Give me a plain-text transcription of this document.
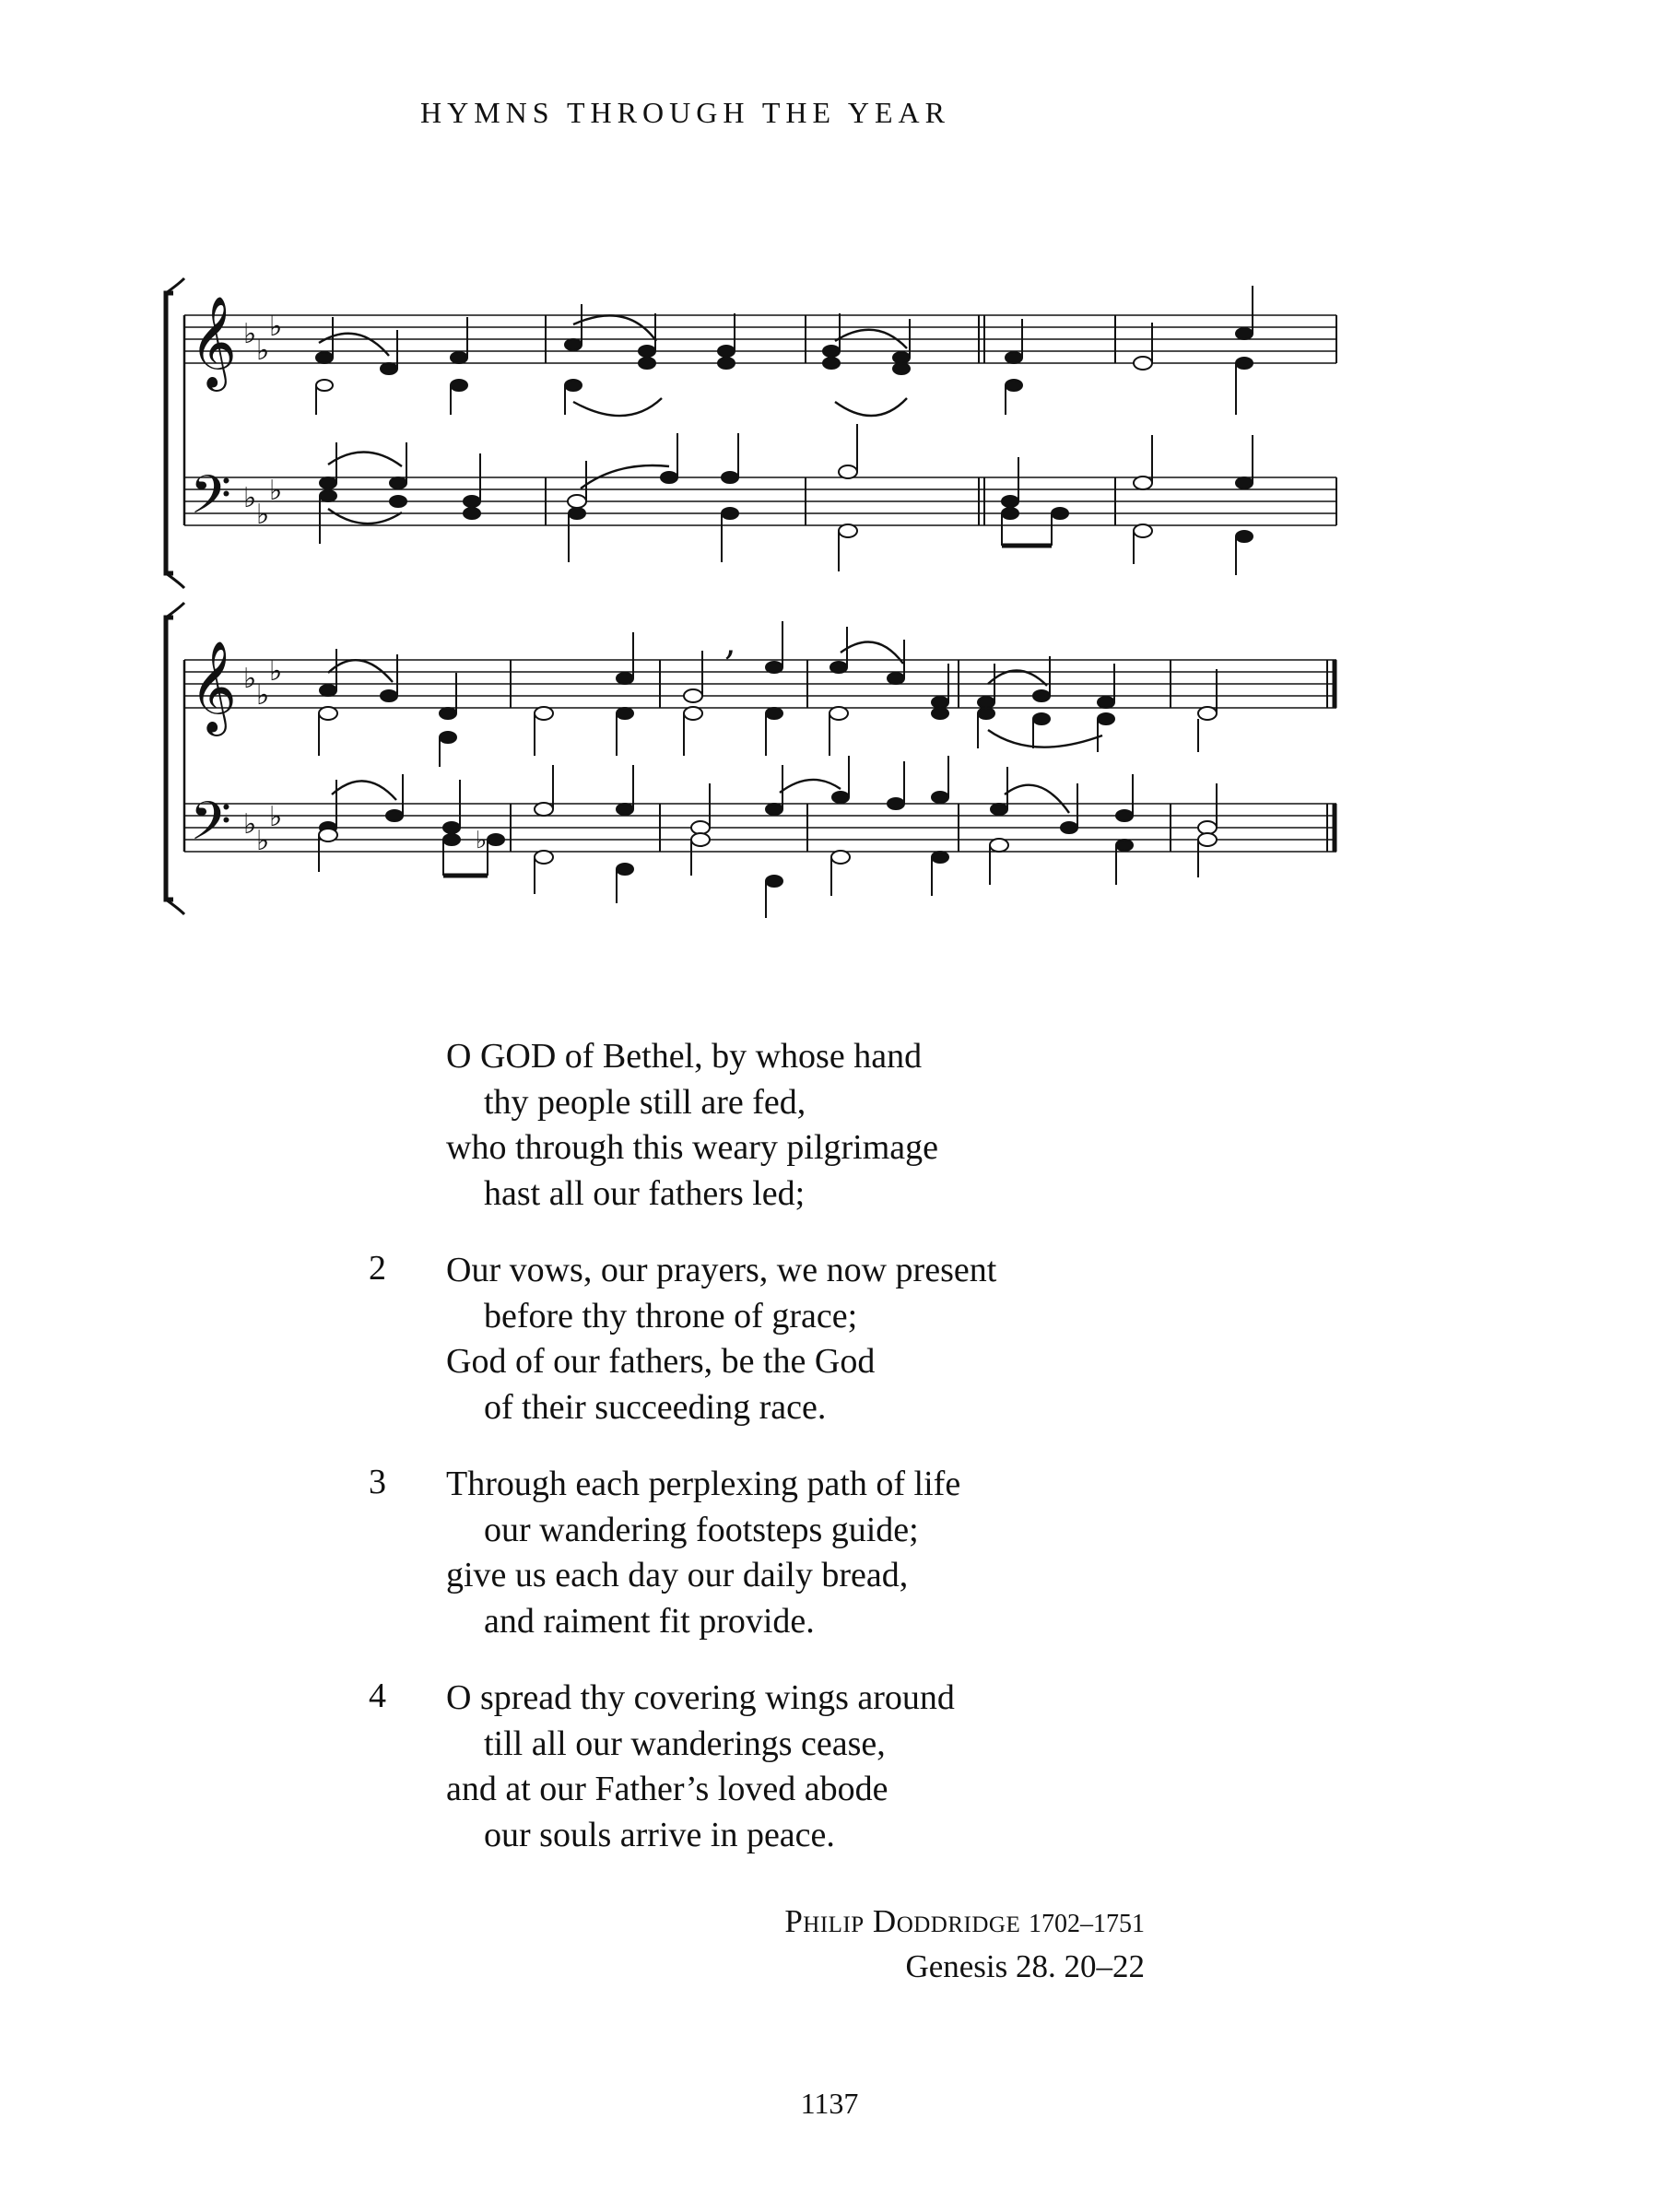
HYMNS THROUGH THE YEAR
𝄞
𝄢
♭
♭
♭
♭
♭
♭
𝄞
𝄢
♭
♭
♭
♭
♭
♭
,
♭
O GOD of Bethel, by whose hand
thy people still are fed,
who through this weary pilgrimage
hast all our fathers led;
2	Our vows, our prayers, we now present
before thy throne of grace;
God of our fathers, be the God
of their succeeding race.
3	Through each perplexing path of life
our wandering footsteps guide;
give us each day our daily bread,
and raiment fit provide.
4	O spread thy covering wings around
till all our wanderings cease,
and at our Father’s loved abode
our souls arrive in peace.
Philip Doddridge 1702–1751
Genesis 28. 20–22
1137
